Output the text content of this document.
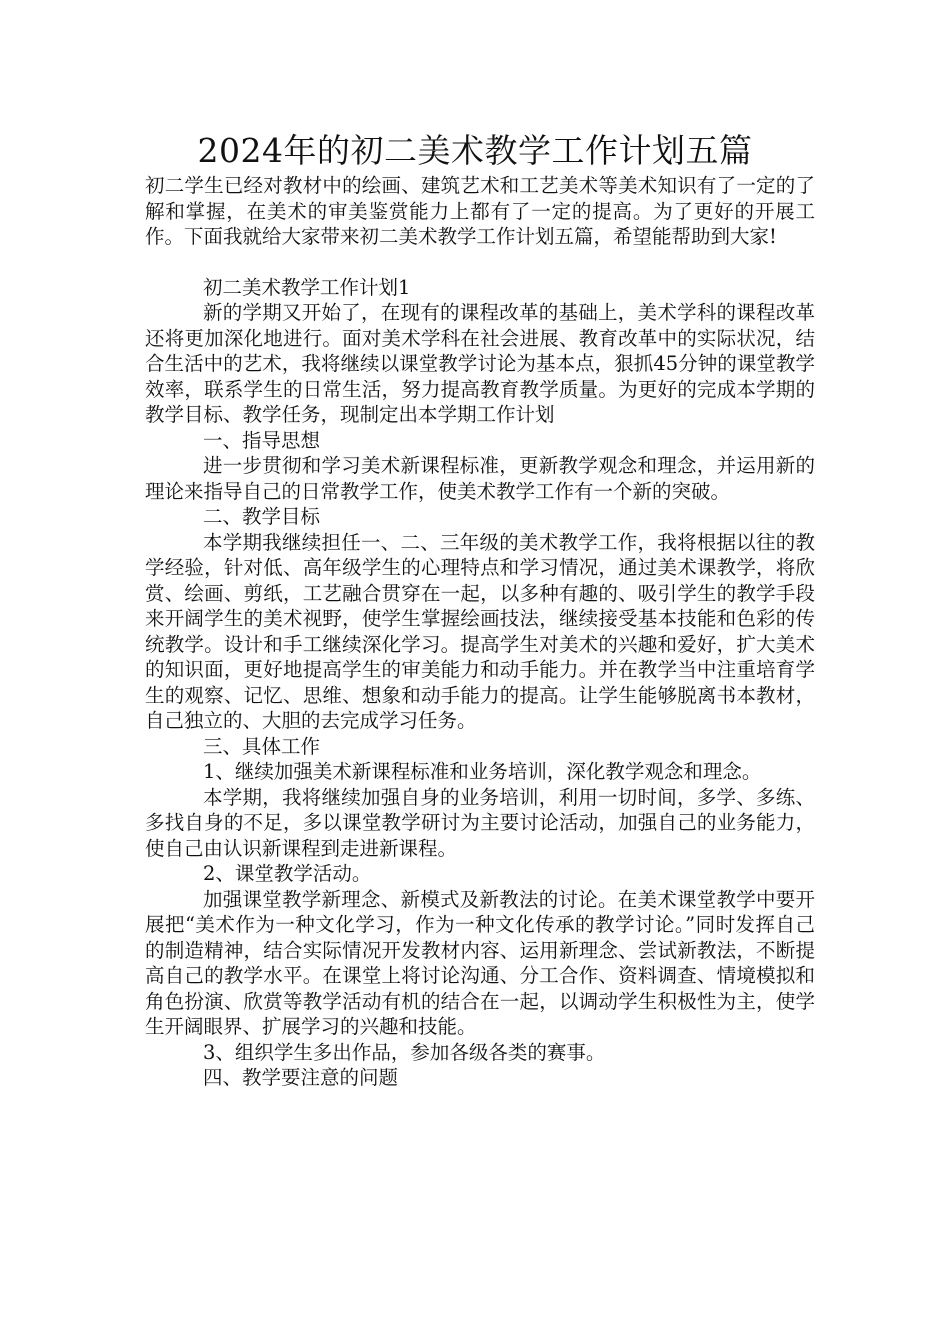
2024年的初二美术教学工作计划五篇

初二学生已经对教材中的绘画、建筑艺术和工艺美术等美术知识有了一定的了解和掌握，在美术的审美鉴赏能力上都有了一定的提高。为了更好的开展工作。下面我就给大家带来初二美术教学工作计划五篇，希望能帮助到大家!

初二美术教学工作计划1

新的学期又开始了，在现有的课程改革的基础上，美术学科的课程改革还将更加深化地进行。面对美术学科在社会进展、教育改革中的实际状况，结合生活中的艺术，我将继续以课堂教学讨论为基本点，狠抓45分钟的课堂教学效率，联系学生的日常生活，努力提高教育教学质量。为更好的完成本学期的教学目标、教学任务，现制定出本学期工作计划

一、指导思想

进一步贯彻和学习美术新课程标准，更新教学观念和理念，并运用新的理论来指导自己的日常教学工作，使美术教学工作有一个新的突破。

二、教学目标

本学期我继续担任一、二、三年级的美术教学工作，我将根据以往的教学经验，针对低、高年级学生的心理特点和学习情况，通过美术课教学，将欣赏、绘画、剪纸，工艺融合贯穿在一起，以多种有趣的、吸引学生的教学手段来开阔学生的美术视野，使学生掌握绘画技法，继续接受基本技能和色彩的传统教学。设计和手工继续深化学习。提高学生对美术的兴趣和爱好，扩大美术的知识面，更好地提高学生的审美能力和动手能力。并在教学当中注重培育学生的观察、记忆、思维、想象和动手能力的提高。让学生能够脱离书本教材，自己独立的、大胆的去完成学习任务。

三、具体工作

1、继续加强美术新课程标准和业务培训，深化教学观念和理念。

本学期，我将继续加强自身的业务培训，利用一切时间，多学、多练、多找自身的不足，多以课堂教学研讨为主要讨论活动，加强自己的业务能力，使自己由认识新课程到走进新课程。

2、课堂教学活动。

加强课堂教学新理念、新模式及新教法的讨论。在美术课堂教学中要开展把“美术作为一种文化学习，作为一种文化传承的教学讨论。”同时发挥自己的制造精神，结合实际情况开发教材内容、运用新理念、尝试新教法，不断提高自己的教学水平。在课堂上将讨论沟通、分工合作、资料调查、情境模拟和角色扮演、欣赏等教学活动有机的结合在一起，以调动学生积极性为主，使学生开阔眼界、扩展学习的兴趣和技能。

3、组织学生多出作品，参加各级各类的赛事。

四、教学要注意的问题
